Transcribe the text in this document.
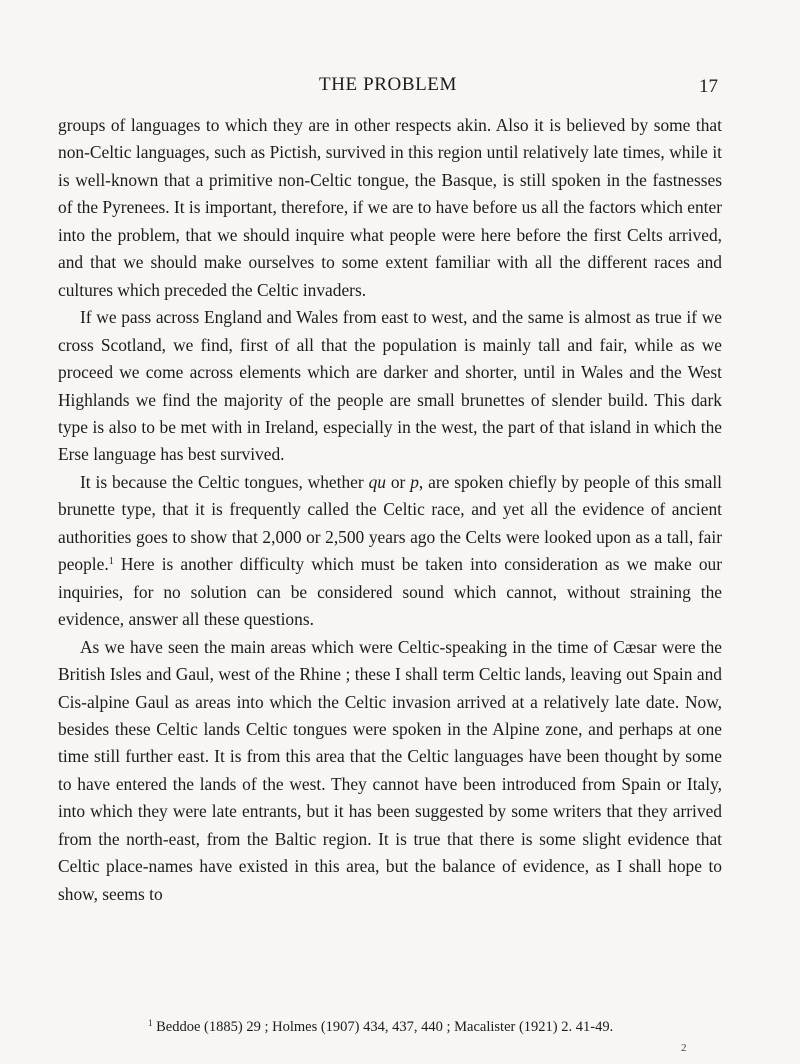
THE PROBLEM	17

groups of languages to which they are in other respects akin. Also it is believed by some that non-Celtic languages, such as Pictish, survived in this region until relatively late times, while it is well-known that a primitive non-Celtic tongue, the Basque, is still spoken in the fastnesses of the Pyrenees. It is important, therefore, if we are to have before us all the factors which enter into the problem, that we should inquire what people were here before the first Celts arrived, and that we should make ourselves to some extent familiar with all the different races and cultures which preceded the Celtic invaders.

If we pass across England and Wales from east to west, and the same is almost as true if we cross Scotland, we find, first of all that the population is mainly tall and fair, while as we proceed we come across elements which are darker and shorter, until in Wales and the West Highlands we find the majority of the people are small brunettes of slender build. This dark type is also to be met with in Ireland, especially in the west, the part of that island in which the Erse language has best survived.

It is because the Celtic tongues, whether qu or p, are spoken chiefly by people of this small brunette type, that it is frequently called the Celtic race, and yet all the evidence of ancient authorities goes to show that 2,000 or 2,500 years ago the Celts were looked upon as a tall, fair people.$^1$ Here is another difficulty which must be taken into consideration as we make our inquiries, for no solution can be considered sound which cannot, without straining the evidence, answer all these questions.

As we have seen the main areas which were Celtic-speaking in the time of Cæsar were the British Isles and Gaul, west of the Rhine ; these I shall term Celtic lands, leaving out Spain and Cis-alpine Gaul as areas into which the Celtic invasion arrived at a relatively late date. Now, besides these Celtic lands Celtic tongues were spoken in the Alpine zone, and perhaps at one time still further east. It is from this area that the Celtic languages have been thought by some to have entered the lands of the west. They cannot have been introduced from Spain or Italy, into which they were late entrants, but it has been suggested by some writers that they arrived from the north-east, from the Baltic region. It is true that there is some slight evidence that Celtic place-names have existed in this area, but the balance of evidence, as I shall hope to show, seems to

$^1$ Beddoe (1885) 29 ; Holmes (1907) 434, 437, 440 ; Macalister (1921) 2. 41-49.
2
